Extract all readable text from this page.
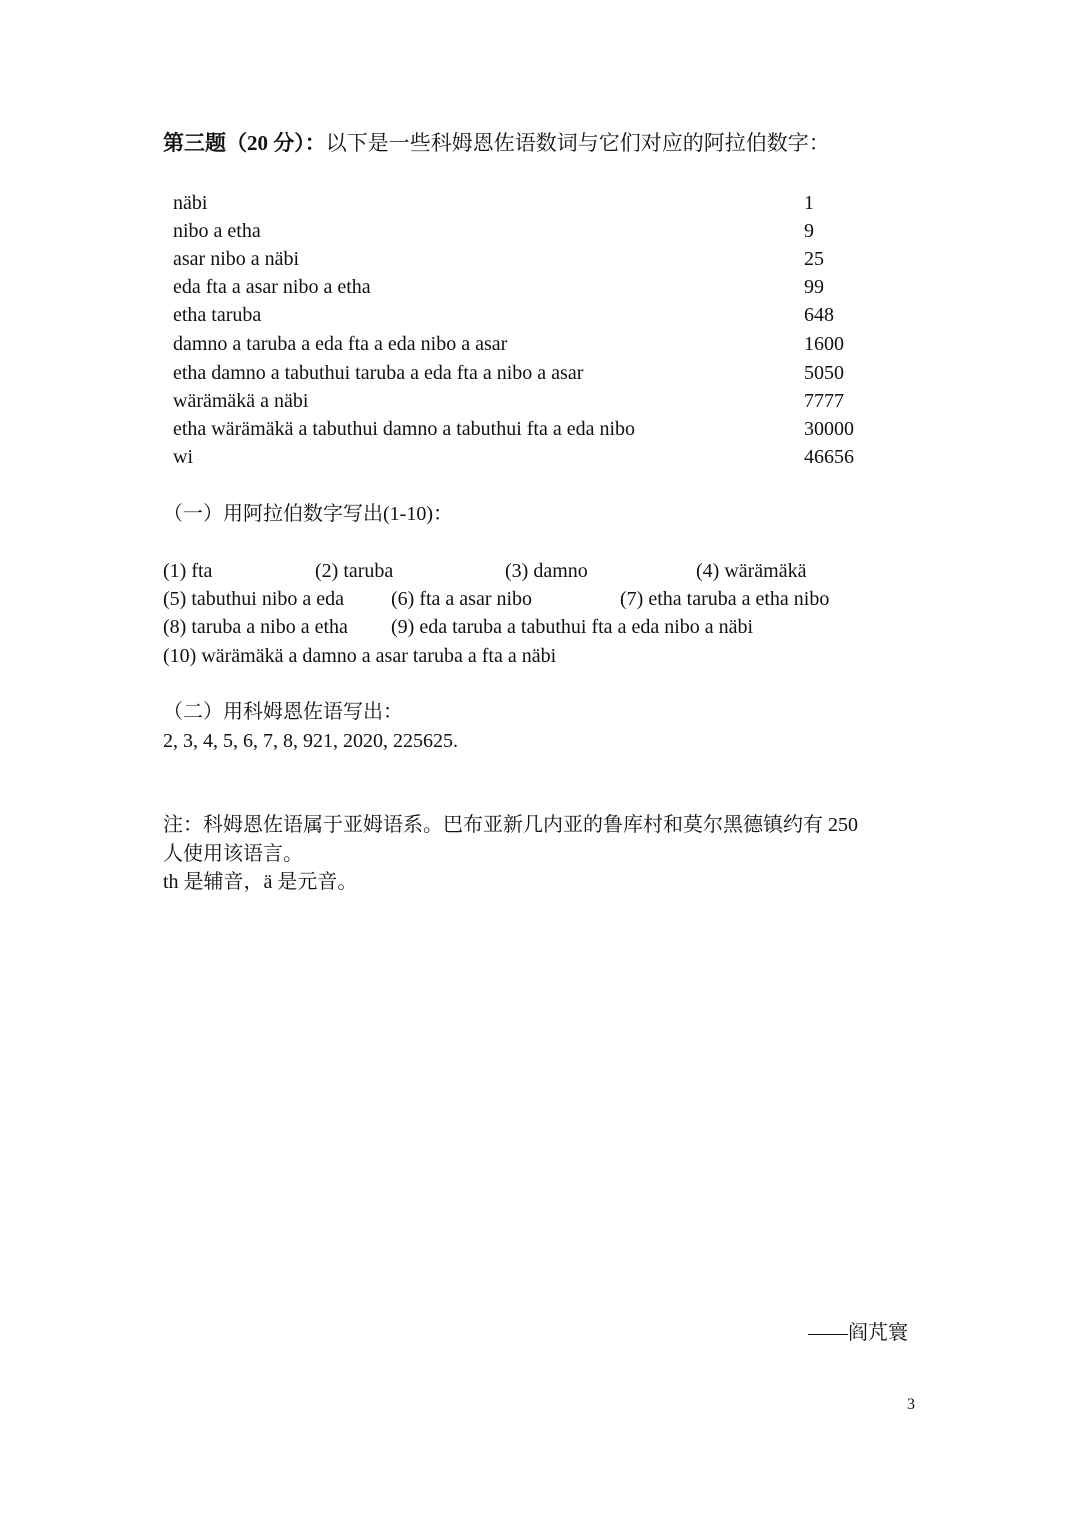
第三题（20 分）：以下是一些科姆恩佐语数词与它们对应的阿拉伯数字：
näbi	1
nibo a etha	9
asar nibo a näbi	25
eda fta a asar nibo a etha	99
etha taruba	648
damno a taruba a eda fta a eda nibo a asar	1600
etha damno a tabuthui taruba a eda fta a nibo a asar	5050
wärämäkä a näbi	7777
etha wärämäkä a tabuthui damno a tabuthui fta a eda nibo	30000
wi	46656
（一）用阿拉伯数字写出(1-10)：
(1) fta	(2) taruba	(3) damno	(4) wärämäkä
(5) tabuthui nibo a eda (6) fta a asar nibo	(7) etha taruba a etha nibo
(8) taruba a nibo a etha (9) eda taruba a tabuthui fta a eda nibo a näbi
(10) wärämäkä a damno a asar taruba a fta a näbi
（二）用科姆恩佐语写出：
2, 3, 4, 5, 6, 7, 8, 921, 2020, 225625.
注：科姆恩佐语属于亚姆语系。巴布亚新几内亚的鲁库村和莫尔黑德镇约有 250
人使用该语言。
th 是辅音，ä 是元音。
——阎芃寰
3
